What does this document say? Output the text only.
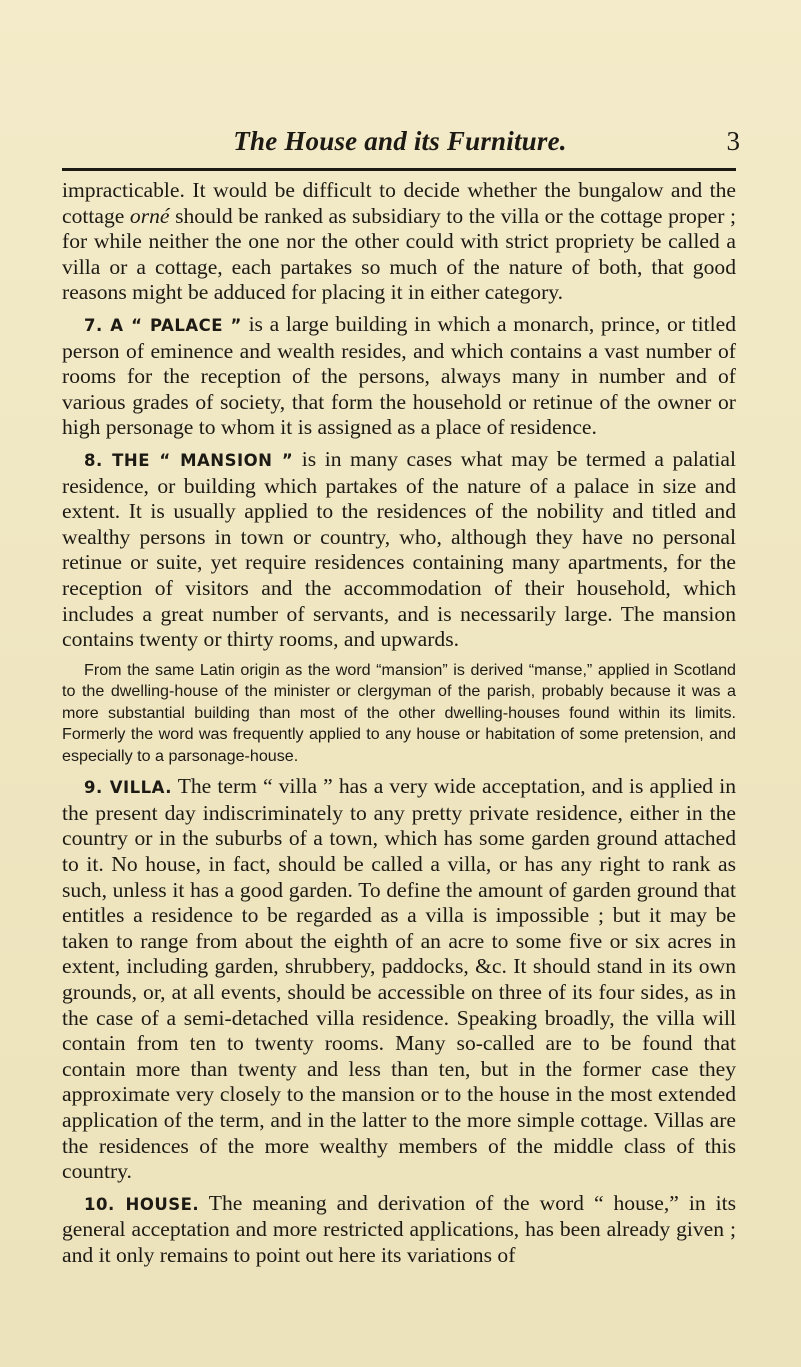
The House and its Furniture.	3

impracticable. It would be difficult to decide whether the bungalow and the cottage orné should be ranked as subsidiary to the villa or the cottage proper ; for while neither the one nor the other could with strict propriety be called a villa or a cottage, each partakes so much of the nature of both, that good reasons might be adduced for placing it in either category.

7. A “ PALACE ” is a large building in which a monarch, prince, or titled person of eminence and wealth resides, and which contains a vast number of rooms for the reception of the persons, always many in number and of various grades of society, that form the household or retinue of the owner or high personage to whom it is assigned as a place of residence.

8. THE “ MANSION ” is in many cases what may be termed a palatial residence, or building which partakes of the nature of a palace in size and extent. It is usually applied to the residences of the nobility and titled and wealthy persons in town or country, who, although they have no personal retinue or suite, yet require residences containing many apartments, for the reception of visitors and the accommodation of their household, which includes a great number of servants, and is necessarily large. The mansion contains twenty or thirty rooms, and upwards.

From the same Latin origin as the word “mansion” is derived “manse,” applied in Scotland to the dwelling-house of the minister or clergyman of the parish, probably because it was a more substantial building than most of the other dwelling-houses found within its limits. Formerly the word was frequently applied to any house or habitation of some pretension, and especially to a parsonage-house.

9. VILLA. The term “ villa ” has a very wide acceptation, and is applied in the present day indiscriminately to any pretty private residence, either in the country or in the suburbs of a town, which has some garden ground attached to it. No house, in fact, should be called a villa, or has any right to rank as such, unless it has a good garden. To define the amount of garden ground that entitles a residence to be regarded as a villa is impossible ; but it may be taken to range from about the eighth of an acre to some five or six acres in extent, including garden, shrubbery, paddocks, &c. It should stand in its own grounds, or, at all events, should be accessible on three of its four sides, as in the case of a semi-detached villa residence. Speaking broadly, the villa will contain from ten to twenty rooms. Many so-called are to be found that contain more than twenty and less than ten, but in the former case they approximate very closely to the mansion or to the house in the most extended application of the term, and in the latter to the more simple cottage. Villas are the residences of the more wealthy members of the middle class of this country.

10. HOUSE. The meaning and derivation of the word “ house,” in its general acceptation and more restricted applications, has been already given ; and it only remains to point out here its variations of
